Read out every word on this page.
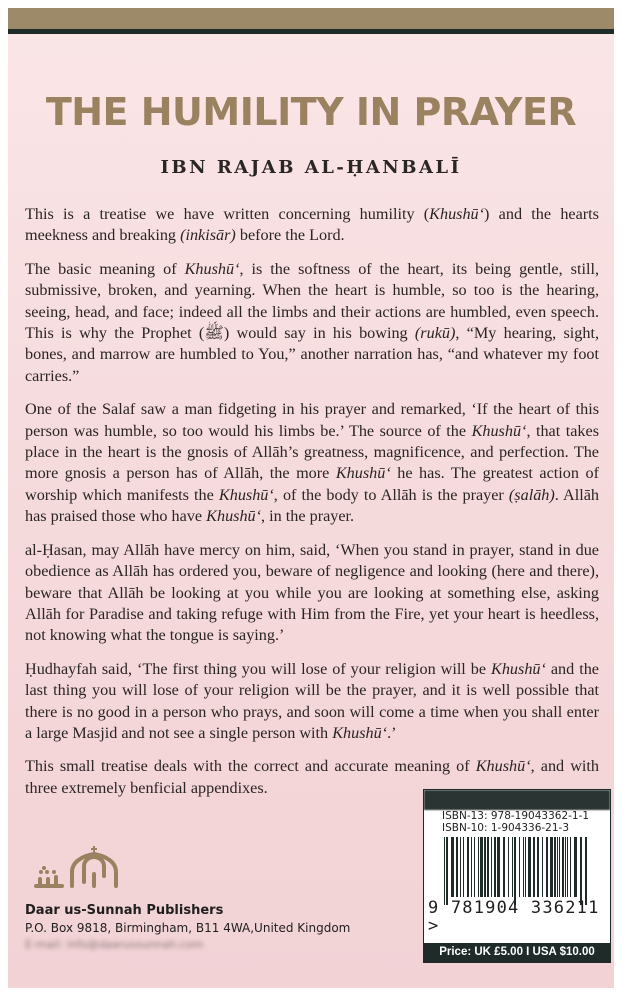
THE HUMILITY IN PRAYER
IBN RAJAB AL-ḤANBALĪ

This is a treatise we have written concerning humility (Khushū‘) and the hearts meekness and breaking (inkisār) before the Lord.

The basic meaning of Khushū‘, is the softness of the heart, its being gentle, still, submissive, broken, and yearning. When the heart is humble, so too is the hearing, seeing, head, and face; indeed all the limbs and their actions are humbled, even speech. This is why the Prophet (ﷺ) would say in his bowing (rukū), “My hearing, sight, bones, and marrow are humbled to You,” another narration has, “and whatever my foot carries.”

One of the Salaf saw a man fidgeting in his prayer and remarked, ‘If the heart of this person was humble, so too would his limbs be.’ The source of the Khushū‘, that takes place in the heart is the gnosis of Allāh’s greatness, magnificence, and perfection. The more gnosis a person has of Allāh, the more Khushū‘ he has. The greatest action of worship which manifests the Khushū‘, of the body to Allāh is the prayer (ṣalāh). Allāh has praised those who have Khushū‘, in the prayer.

al-Ḥasan, may Allāh have mercy on him, said, ‘When you stand in prayer, stand in due obedience as Allāh has ordered you, beware of negligence and looking (here and there), beware that Allāh be looking at you while you are looking at something else, asking Allāh for Paradise and taking refuge with Him from the Fire, yet your heart is heedless, not knowing what the tongue is saying.’

Ḥudhayfah said, ‘The first thing you will lose of your religion will be Khushū‘ and the last thing you will lose of your religion will be the prayer, and it is well possible that there is no good in a person who prays, and soon will come a time when you shall enter a large Masjid and not see a single person with Khushū‘.’

This small treatise deals with the correct and accurate meaning of Khushū‘, and with three extremely benficial appendixes.

Daar us-Sunnah Publishers
P.O. Box 9818, Birmingham, B11 4WA,United Kingdom
E-mail: info@daarussunnah.com
ISBN-13: 978-19043362-1-1
ISBN-10: 1-904336-21-3
9 781904 336211 >
Price: UK £5.00 I USA $10.00
